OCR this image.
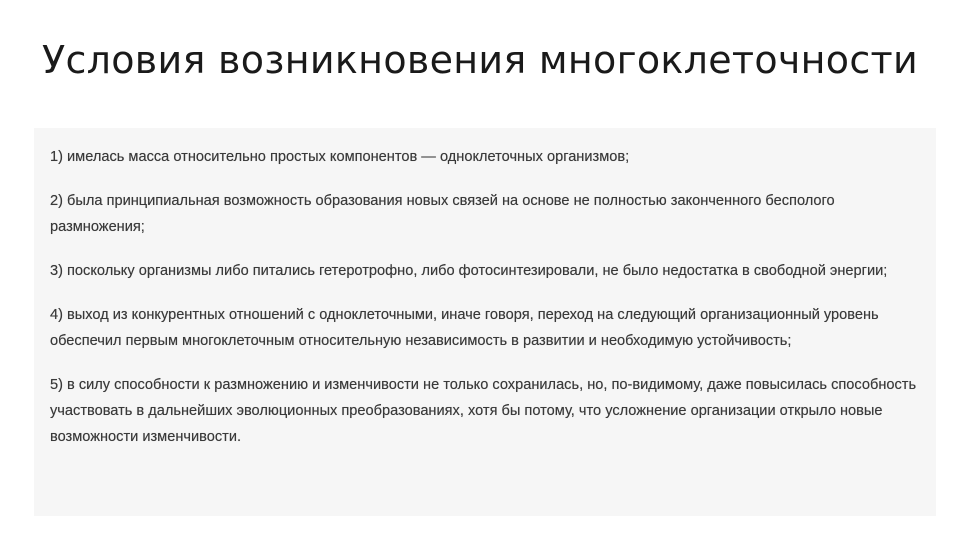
Условия возникновения многоклеточности

1) имелась масса относительно простых компонентов — одноклеточных организмов;

2) была принципиальная возможность образования новых связей на основе не полностью законченного бесполого размножения;

3) поскольку организмы либо питались гетеротрофно, либо фотосинтезировали, не было недостатка в свободной энергии;

4) выход из конкурентных отношений с одноклеточными, иначе говоря, переход на следующий организационный уровень обеспечил первым многоклеточным относительную независимость в развитии и необходимую устойчивость;

5) в силу способности к размножению и изменчивости не только сохранилась, но, по-видимому, даже повысилась способность участвовать в дальнейших эволюционных преобразованиях, хотя бы потому, что усложнение организации открыло новые возможности изменчивости.
